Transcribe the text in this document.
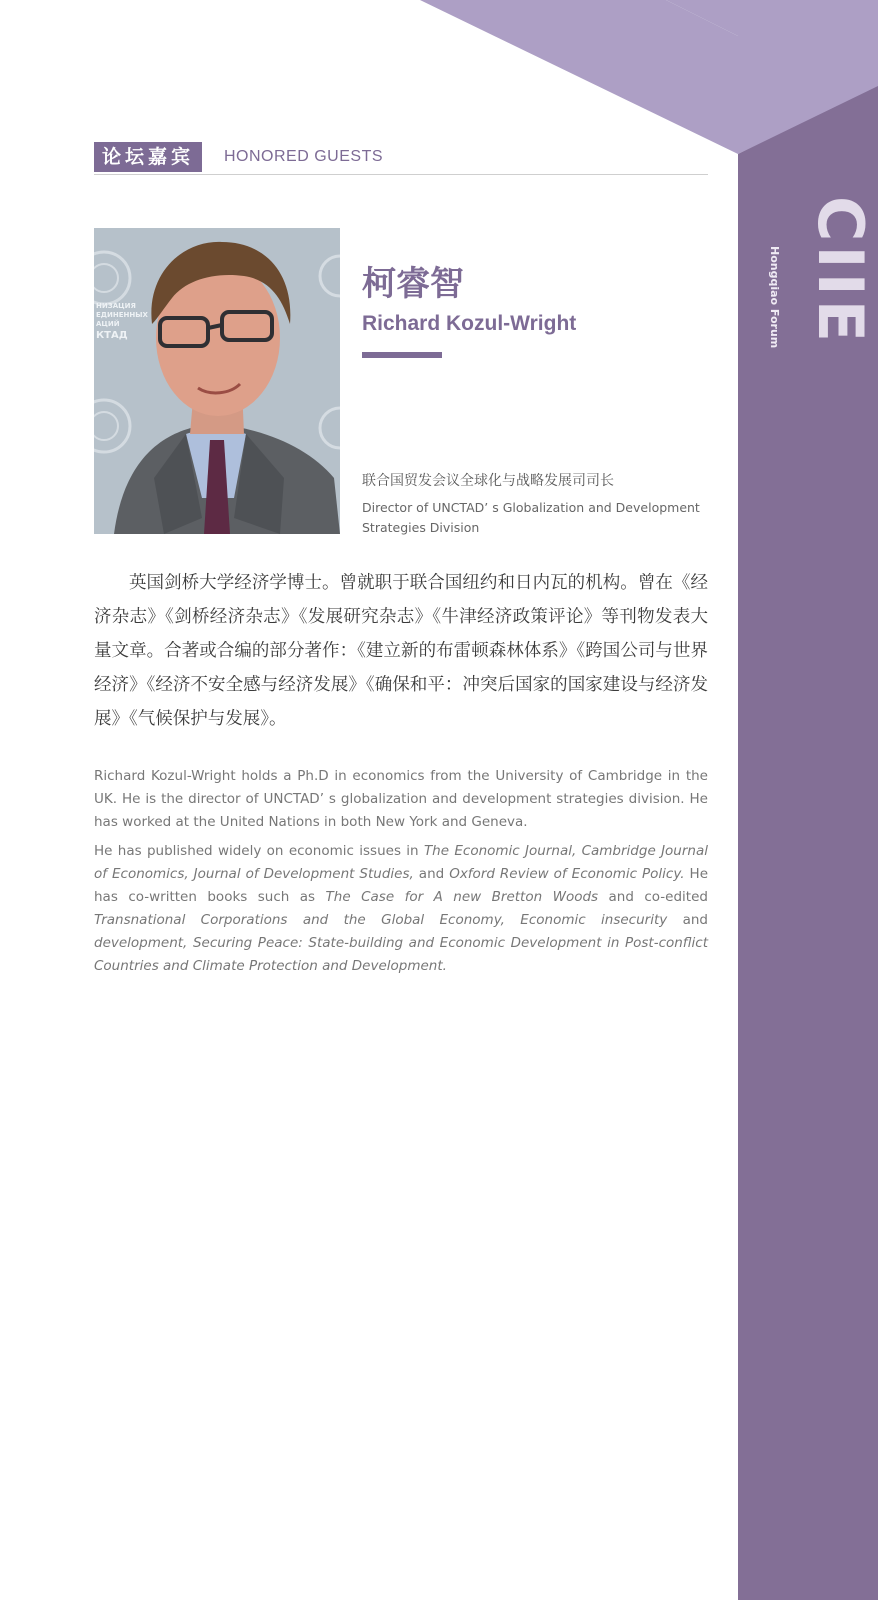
CIIE
Hongqiao Forum
论坛嘉宾	HONORED GUESTS
НИЗАЦИЯ
ЕДИНЕННЫХ
АЦИЙ
КТАД
柯睿智
Richard Kozul-Wright
联合国贸发会议全球化与战略发展司司长
Director of UNCTAD’ s Globalization and Development Strategies Division

英国剑桥大学经济学博士。曾就职于联合国纽约和日内瓦的机构。曾在《经济杂志》《剑桥经济杂志》《发展研究杂志》《牛津经济政策评论》等刊物发表大量文章。合著或合编的部分著作：《建立新的布雷顿森林体系》《跨国公司与世界经济》《经济不安全感与经济发展》《确保和平：冲突后国家的国家建设与经济发展》《气候保护与发展》。

Richard Kozul-Wright holds a Ph.D in economics from the University of Cambridge in the UK. He is the director of UNCTAD’ s globalization and development strategies division. He has worked at the United Nations in both New York and Geneva.

He has published widely on economic issues in The Economic Journal, Cambridge Journal of Economics, Journal of Development Studies, and Oxford Review of Economic Policy. He has co-written books such as The Case for A new Bretton Woods and co-edited Transnational Corporations and the Global Economy, Economic insecurity and development, Securing Peace: State-building and Economic Development in Post-conflict Countries and Climate Protection and Development.
